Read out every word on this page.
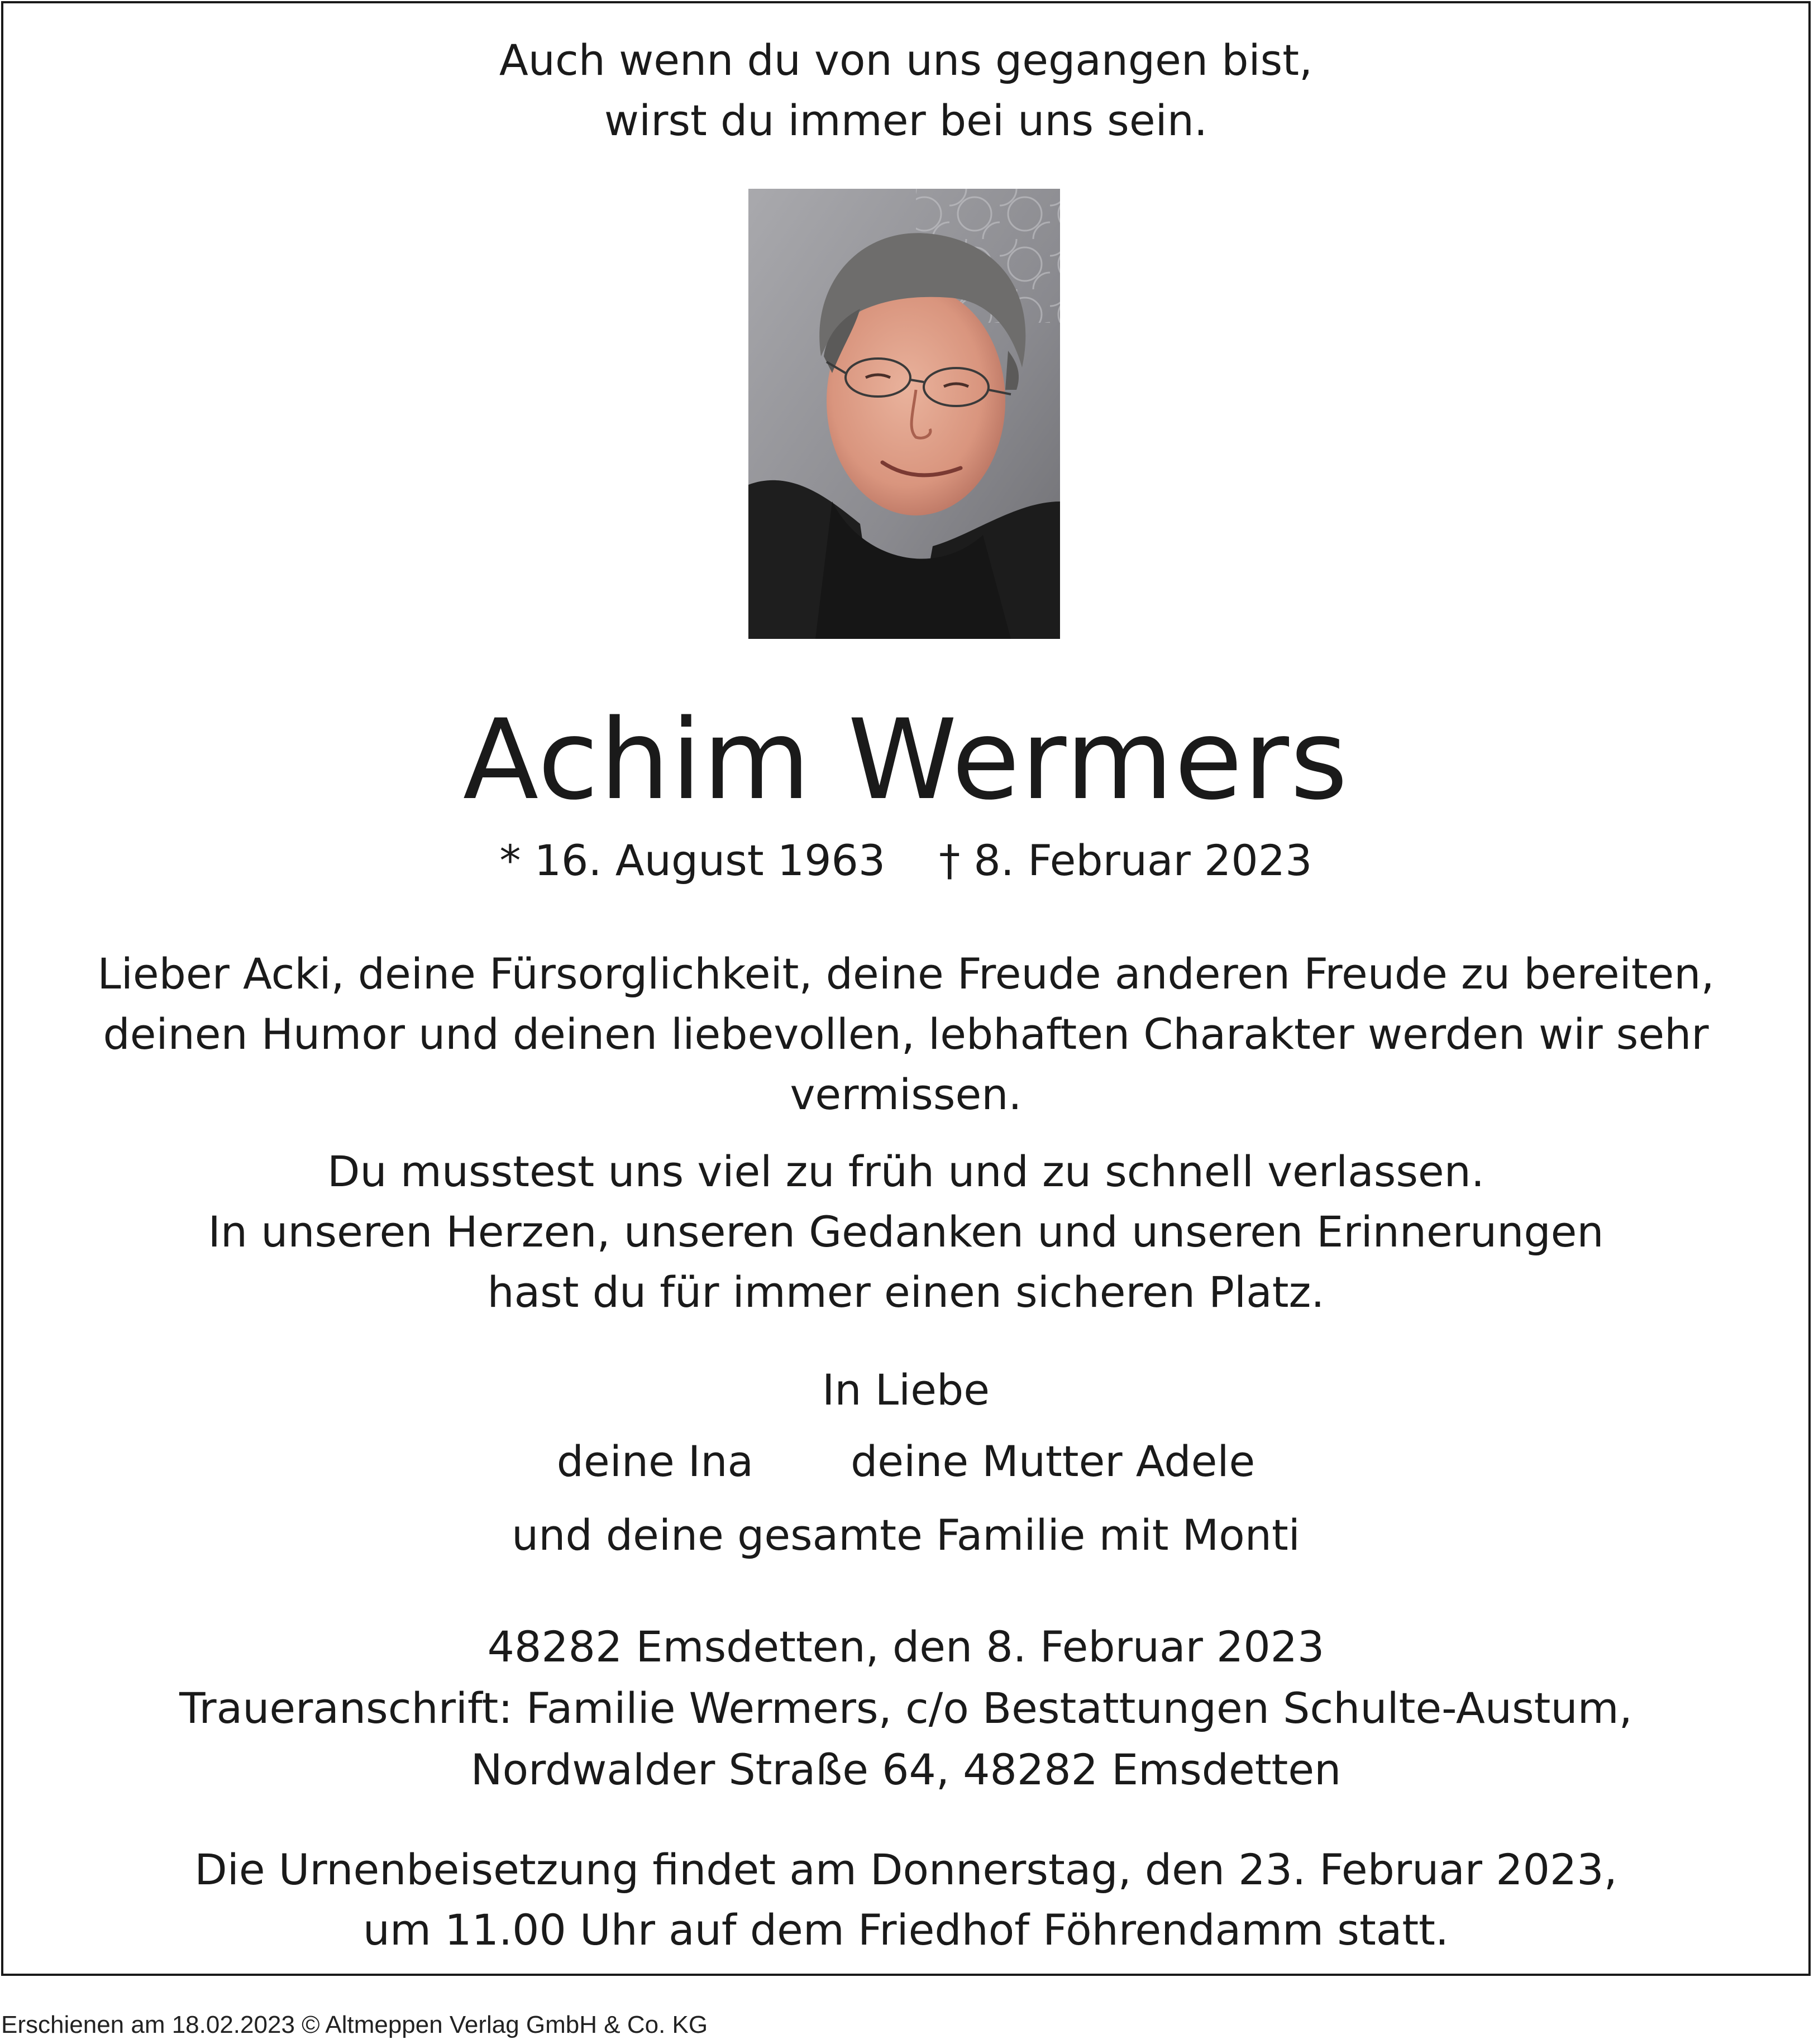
Auch wenn du von uns gegangen bist,
wirst du immer bei uns sein.
Achim Wermers
* 16. August 1963 † 8. Februar 2023
Lieber Acki, deine Fürsorglichkeit, deine Freude anderen Freude zu bereiten,
deinen Humor und deinen liebevollen, lebhaften Charakter werden wir sehr
vermissen.
Du musstest uns viel zu früh und zu schnell verlassen.
In unseren Herzen, unseren Gedanken und unseren Erinnerungen
hast du für immer einen sicheren Platz.
In Liebe
deine Ina deine Mutter Adele
und deine gesamte Familie mit Monti
48282 Emsdetten, den 8. Februar 2023
Traueranschrift: Familie Wermers, c/o Bestattungen Schulte-Austum,
Nordwalder Straße 64, 48282 Emsdetten
Die Urnenbeisetzung findet am Donnerstag, den 23. Februar 2023,
um 11.00 Uhr auf dem Friedhof Föhrendamm statt.
Erschienen am 18.02.2023 © Altmeppen Verlag GmbH & Co. KG
